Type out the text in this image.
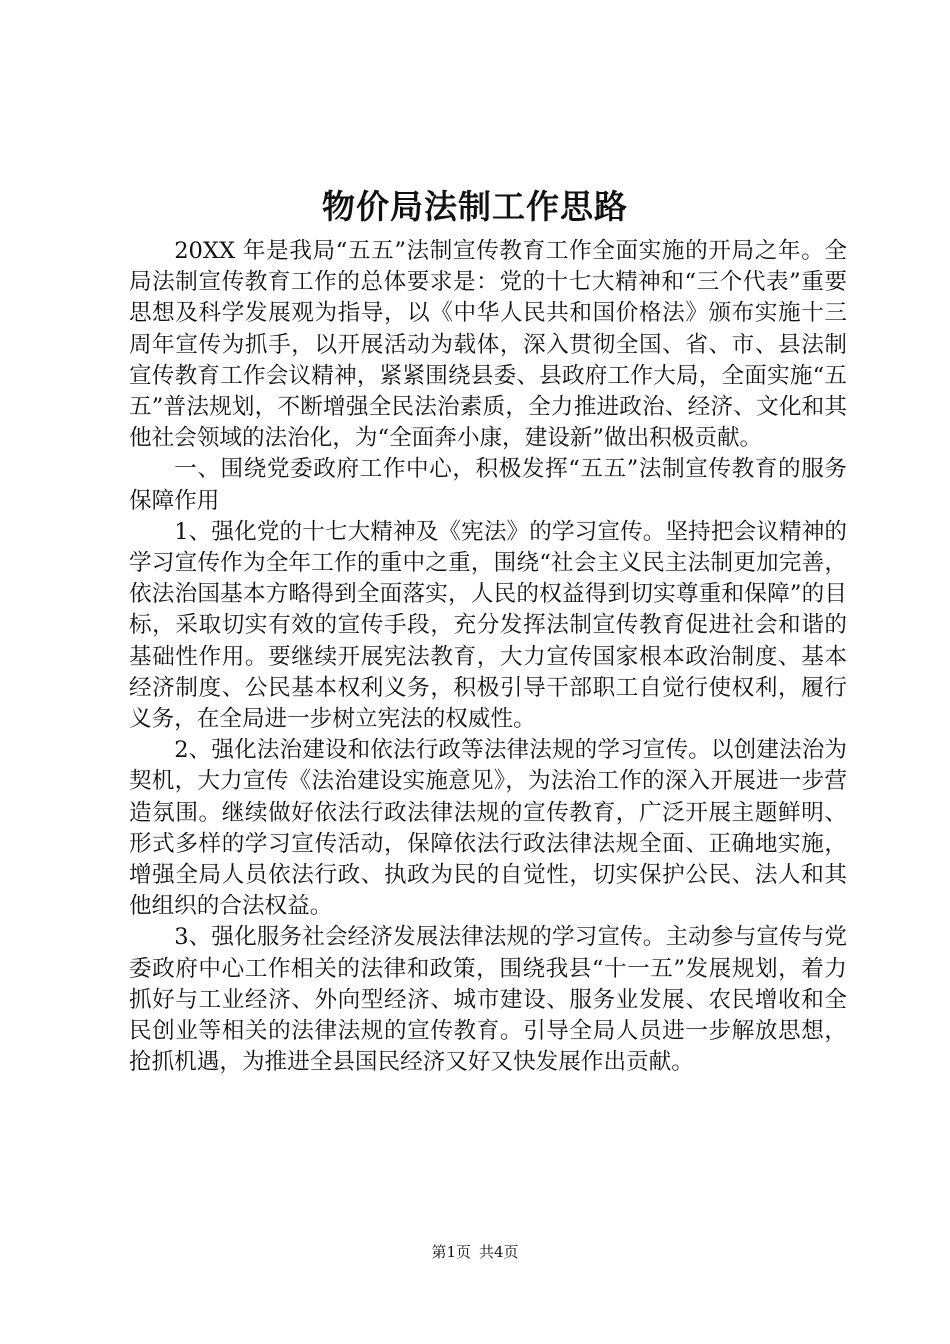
物价局法制工作思路

20XX 年是我局“五五”法制宣传教育工作全面实施的开局之年。全局法制宣传教育工作的总体要求是：党的十七大精神和“三个代表”重要思想及科学发展观为指导，以《中华人民共和国价格法》颁布实施十三周年宣传为抓手，以开展活动为载体，深入贯彻全国、省、市、县法制宣传教育工作会议精神，紧紧围绕县委、县政府工作大局，全面实施“五五”普法规划，不断增强全民法治素质，全力推进政治、经济、文化和其他社会领域的法治化，为“全面奔小康，建设新”做出积极贡献。

一、围绕党委政府工作中心，积极发挥“五五”法制宣传教育的服务保障作用

1、强化党的十七大精神及《宪法》的学习宣传。坚持把会议精神的学习宣传作为全年工作的重中之重，围绕“社会主义民主法制更加完善，依法治国基本方略得到全面落实，人民的权益得到切实尊重和保障”的目标，采取切实有效的宣传手段，充分发挥法制宣传教育促进社会和谐的基础性作用。要继续开展宪法教育，大力宣传国家根本政治制度、基本经济制度、公民基本权利义务，积极引导干部职工自觉行使权利，履行义务，在全局进一步树立宪法的权威性。

2、强化法治建设和依法行政等法律法规的学习宣传。以创建法治为契机，大力宣传《法治建设实施意见》，为法治工作的深入开展进一步营造氛围。继续做好依法行政法律法规的宣传教育，广泛开展主题鲜明、形式多样的学习宣传活动，保障依法行政法律法规全面、正确地实施，增强全局人员依法行政、执政为民的自觉性，切实保护公民、法人和其他组织的合法权益。

3、强化服务社会经济发展法律法规的学习宣传。主动参与宣传与党委政府中心工作相关的法律和政策，围绕我县“十一五”发展规划，着力抓好与工业经济、外向型经济、城市建设、服务业发展、农民增收和全民创业等相关的法律法规的宣传教育。引导全局人员进一步解放思想，抢抓机遇，为推进全县国民经济又好又快发展作出贡献。

第1页 共4页
